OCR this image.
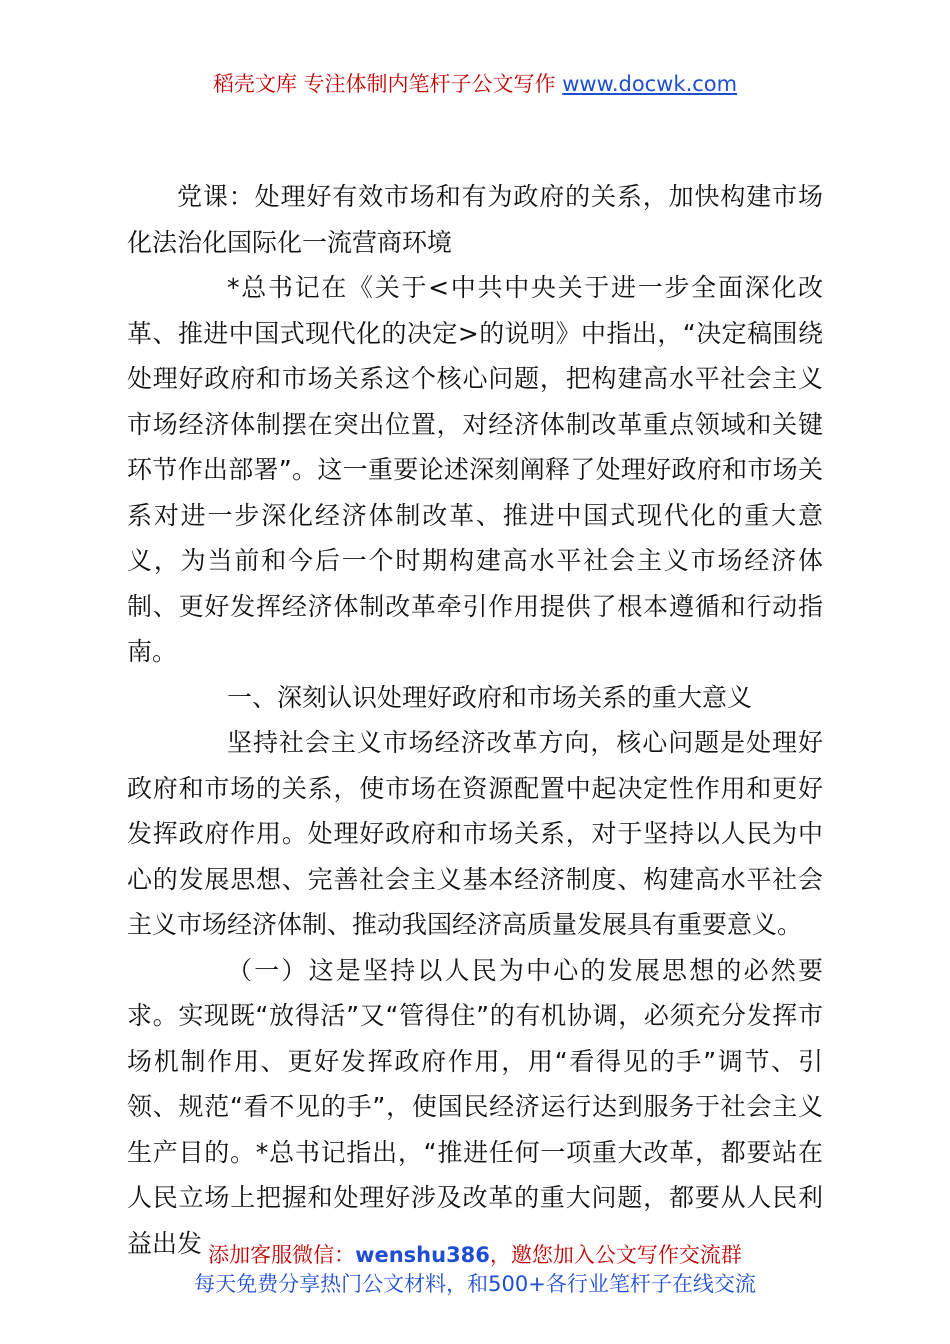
稻壳文库 专注体制内笔杆子公文写作 www.docwk.com

党课：处理好有效市场和有为政府的关系，加快构建市场化法治化国际化一流营商环境

*总书记在《关于<中共中央关于进一步全面深化改革、推进中国式现代化的决定>的说明》中指出，“决定稿围绕处理好政府和市场关系这个核心问题，把构建高水平社会主义市场经济体制摆在突出位置，对经济体制改革重点领域和关键环节作出部署”。这一重要论述深刻阐释了处理好政府和市场关系对进一步深化经济体制改革、推进中国式现代化的重大意义，为当前和今后一个时期构建高水平社会主义市场经济体制、更好发挥经济体制改革牵引作用提供了根本遵循和行动指南。

一、深刻认识处理好政府和市场关系的重大意义

坚持社会主义市场经济改革方向，核心问题是处理好政府和市场的关系，使市场在资源配置中起决定性作用和更好发挥政府作用。处理好政府和市场关系，对于坚持以人民为中心的发展思想、完善社会主义基本经济制度、构建高水平社会主义市场经济体制、推动我国经济高质量发展具有重要意义。

（一）这是坚持以人民为中心的发展思想的必然要求。实现既“放得活”又“管得住”的有机协调，必须充分发挥市场机制作用、更好发挥政府作用，用“看得见的手”调节、引领、规范“看不见的手”，使国民经济运行达到服务于社会主义生产目的。*总书记指出，“推进任何一项重大改革，都要站在人民立场上把握和处理好涉及改革的重大问题，都要从人民利益出发 添加客服微信：wenshu386，邀您加入公文写作交流群
每天免费分享热门公文材料，和500+各行业笔杆子在线交流
